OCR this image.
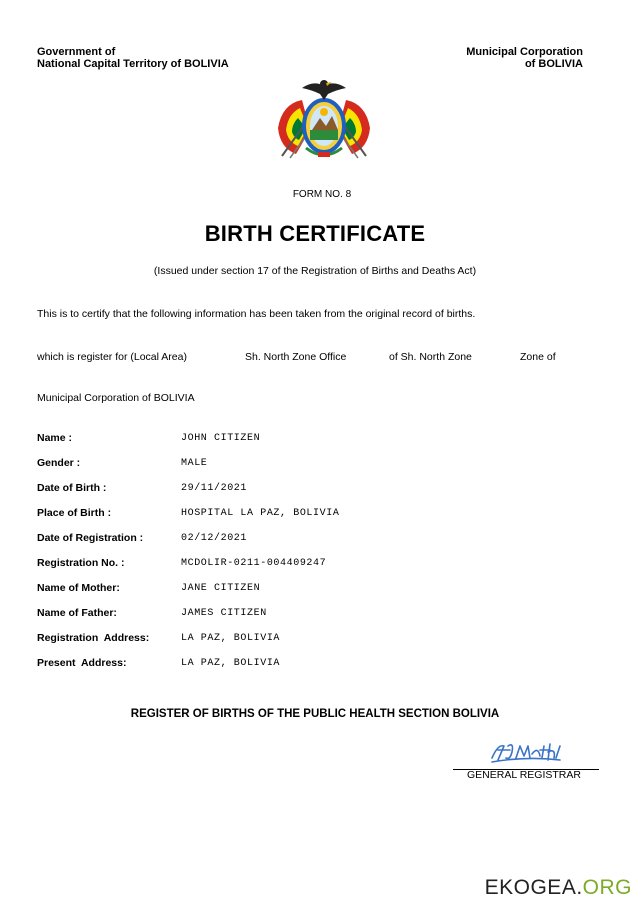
Government of
National Capital Territory of BOLIVIA
Municipal Corporation
of BOLIVIA
FORM NO. 8
BIRTH CERTIFICATE
(Issued under section 17 of the Registration of Births and Deaths Act)
This is to certify that the following information has been taken from the original record of births.
which is register for (Local Area)	Sh. North Zone Office	of Sh. North Zone	Zone of
Municipal Corporation of BOLIVIA
Name :	JOHN CITIZEN
Gender :	MALE
Date of Birth :	29/11/2021
Place of Birth :	HOSPITAL LA PAZ, BOLIVIA
Date of Registration :	02/12/2021
Registration No. :	MCDOLIR-0211-004409247
Name of Mother:	JANE CITIZEN
Name of Father:	JAMES CITIZEN
Registration  Address:	LA PAZ, BOLIVIA
Present  Address:	LA PAZ, BOLIVIA
REGISTER OF BIRTHS OF THE PUBLIC HEALTH SECTION BOLIVIA
GENERAL REGISTRAR
EKOGEA.ORG
